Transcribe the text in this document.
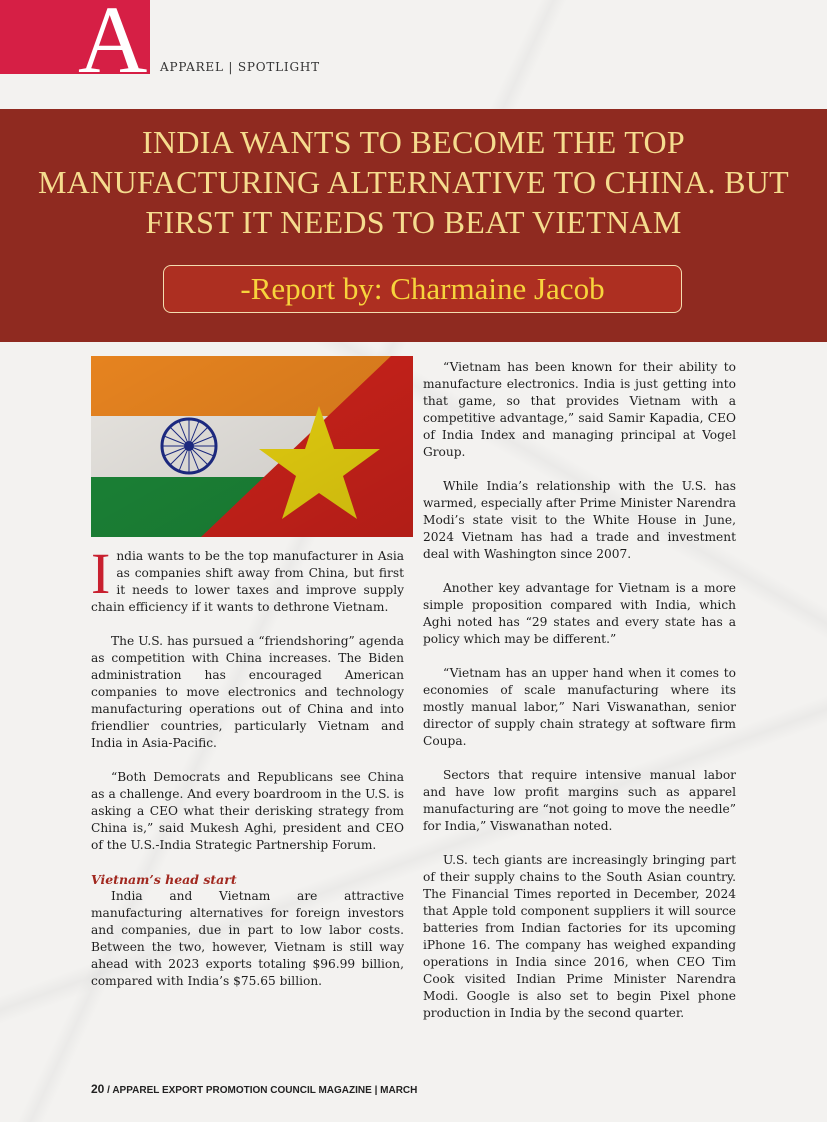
A APPAREL | SPOTLIGHT
INDIA WANTS TO BECOME THE TOP MANUFACTURING ALTERNATIVE TO CHINA. BUT FIRST IT NEEDS TO BEAT VIETNAM
-Report by: Charmaine Jacob

India wants to be the top manufacturer in Asia as companies shift away from China, but first it needs to lower taxes and improve supply chain efficiency if it wants to dethrone Vietnam.

The U.S. has pursued a “friendshoring” agenda as competition with China increases. The Biden administration has encouraged American companies to move electronics and technology manufacturing operations out of China and into friendlier countries, particularly Vietnam and India in Asia-Pacific.

“Both Democrats and Republicans see China as a challenge. And every boardroom in the U.S. is asking a CEO what their derisking strategy from China is,” said Mukesh Aghi, president and CEO of the U.S.-India Strategic Partnership Forum.

Vietnam’s head start

India and Vietnam are attractive manufacturing alternatives for foreign investors and companies, due in part to low labor costs. Between the two, however, Vietnam is still way ahead with 2023 exports totaling $96.99 billion, compared with India’s $75.65 billion.

“Vietnam has been known for their ability to manufacture electronics. India is just getting into that game, so that provides Vietnam with a competitive advantage,” said Samir Kapadia, CEO of India Index and managing principal at Vogel Group.

While India’s relationship with the U.S. has warmed, especially after Prime Minister Narendra Modi’s state visit to the White House in June, 2024 Vietnam has had a trade and investment deal with Washington since 2007.

Another key advantage for Vietnam is a more simple proposition compared with India, which Aghi noted has “29 states and every state has a policy which may be different.”

“Vietnam has an upper hand when it comes to economies of scale manufacturing where its mostly manual labor,” Nari Viswanathan, senior director of supply chain strategy at software firm Coupa.

Sectors that require intensive manual labor and have low profit margins such as apparel manufacturing are “not going to move the needle” for India,” Viswanathan noted.

U.S. tech giants are increasingly bringing part of their supply chains to the South Asian country. The Financial Times reported in December, 2024 that Apple told component suppliers it will source batteries from Indian factories for its upcoming iPhone 16. The company has weighed expanding operations in India since 2016, when CEO Tim Cook visited Indian Prime Minister Narendra Modi. Google is also set to begin Pixel phone production in India by the second quarter.

20 / APPAREL EXPORT PROMOTION COUNCIL MAGAZINE | MARCH
